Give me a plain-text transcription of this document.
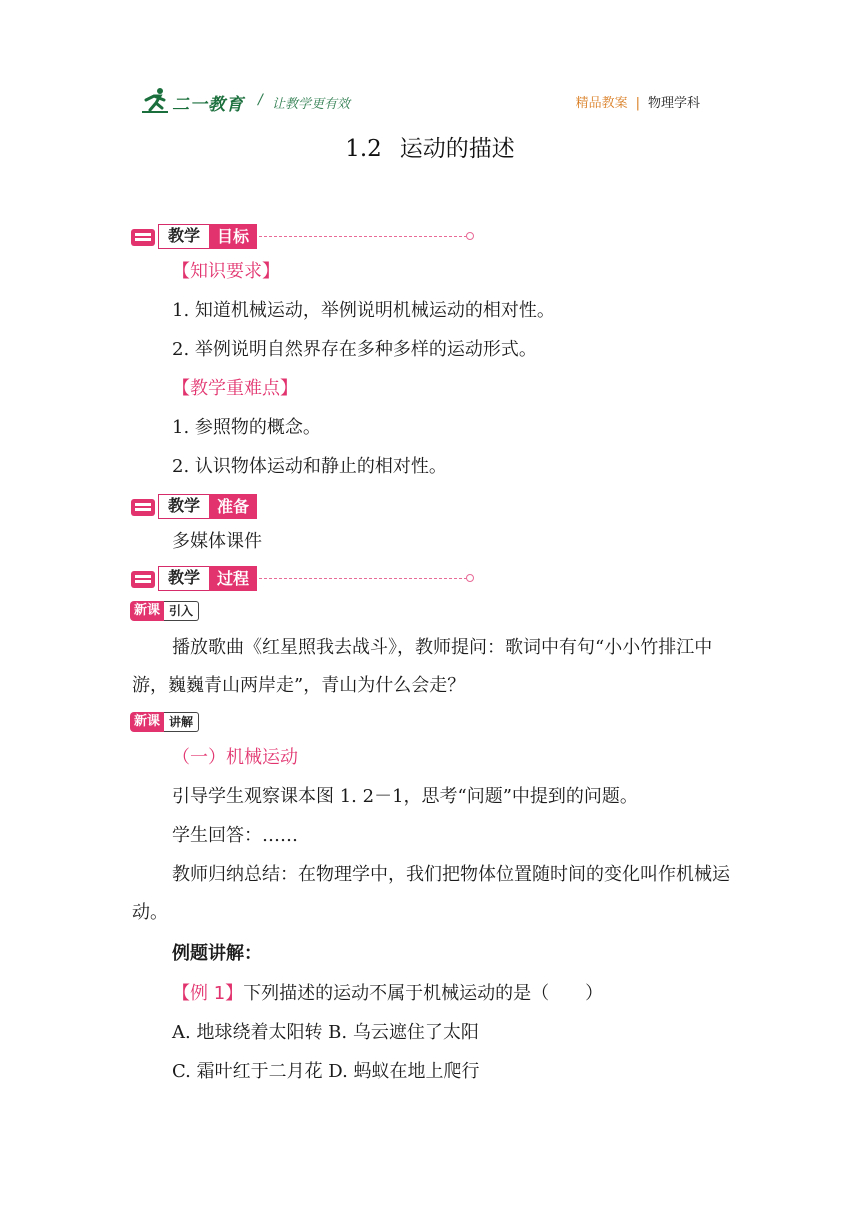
二一教育 / 让教学更有效	精品教案 | 物理学科
1.2 运动的描述
教学	目标
【知识要求】
1. 知道机械运动，举例说明机械运动的相对性。
2. 举例说明自然界存在多种多样的运动形式。
【教学重难点】
1. 参照物的概念。
2. 认识物体运动和静止的相对性。
教学	准备
多媒体课件
教学	过程
新课 引入
播放歌曲《红星照我去战斗》，教师提问：歌词中有句“小小竹排江中游，巍巍青山两岸走”，青山为什么会走？
新课 讲解
（一）机械运动
引导学生观察课本图 1. 2－1，思考“问题”中提到的问题。
学生回答：……
教师归纳总结：在物理学中，我们把物体位置随时间的变化叫作机械运动。
例题讲解：
【例 1】下列描述的运动不属于机械运动的是（　　）
A. 地球绕着太阳转 B. 乌云遮住了太阳
C. 霜叶红于二月花 D. 蚂蚁在地上爬行
